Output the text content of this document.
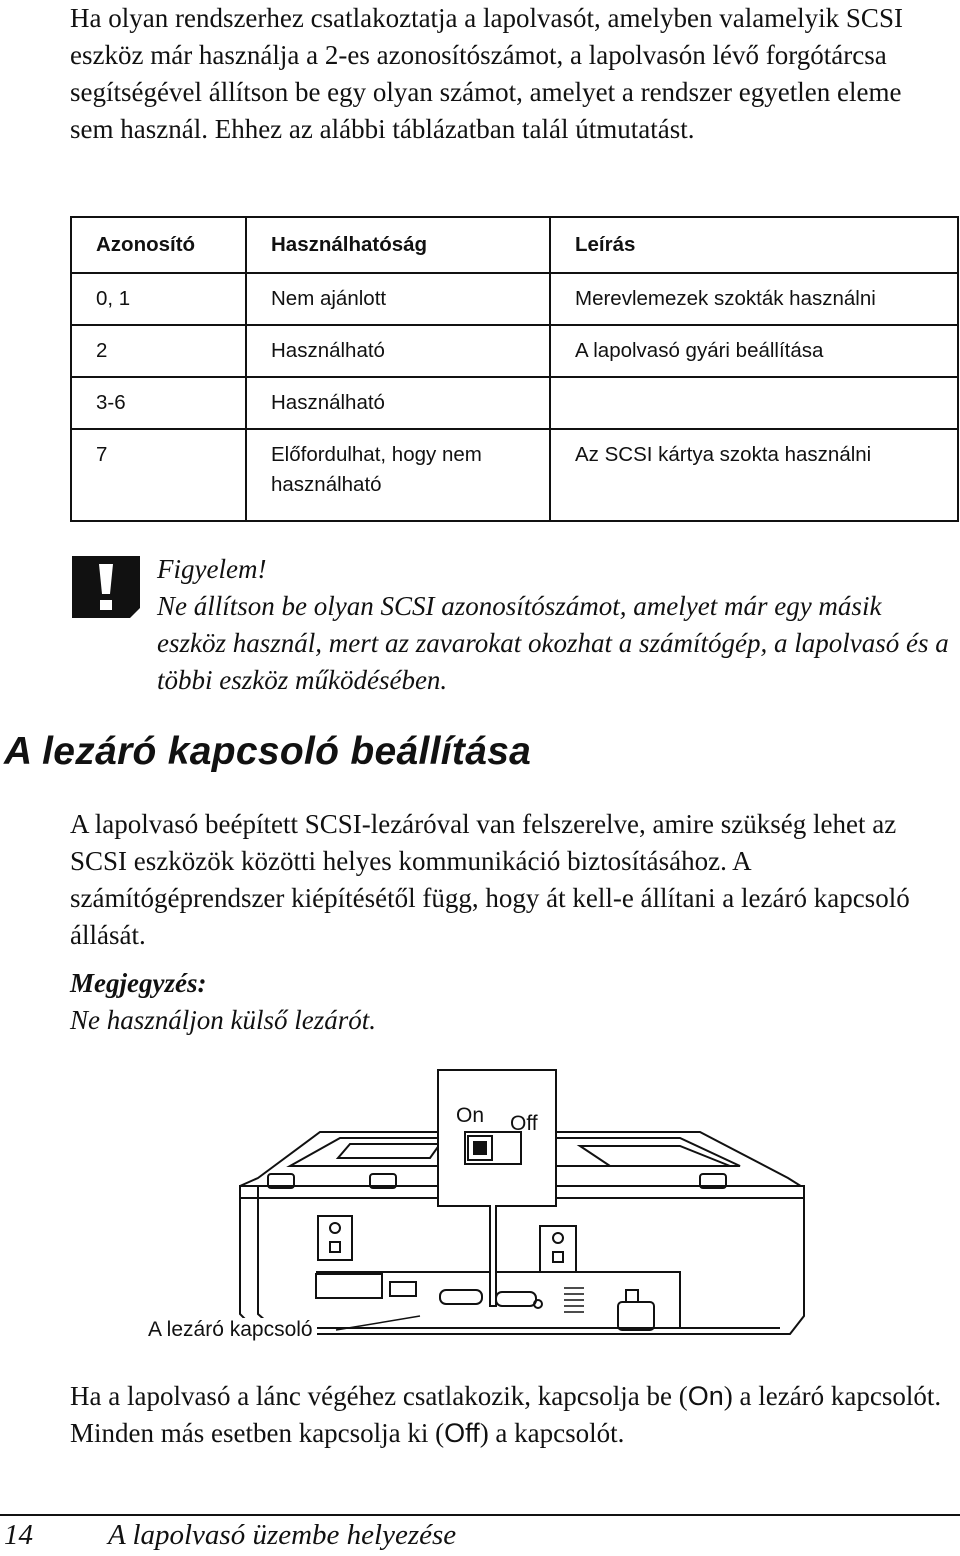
Ha olyan rendszerhez csatlakoztatja a lapolvasót, amelyben valamelyik SCSI eszköz már használja a 2-es azonosítószámot, a lapolvasón lévő forgótárcsa segítségével állítson be egy olyan számot, amelyet a rendszer egyetlen eleme sem használ. Ehhez az alábbi táblázatban talál útmutatást.

Azonosító	Használhatóság	Leírás
0, 1	Nem ajánlott	Merevlemezek szokták használni
2	Használható	A lapolvasó gyári beállítása
3-6	Használható	
7	Előfordulhat, hogy nem használható	Az SCSI kártya szokta használni
Figyelem!
Ne állítson be olyan SCSI azonosítószámot, amelyet már egy másik eszköz használ, mert az zavarokat okozhat a számítógép, a lapolvasó és a többi eszköz működésében.
A lezáró kapcsoló beállítása

A lapolvasó beépített SCSI-lezáróval van felszerelve, amire szükség lehet az SCSI eszközök közötti helyes kommunikáció biztosításához. A számítógéprendszer kiépítésétől függ, hogy át kell-e állítani a lezáró kapcsoló állását.

Megjegyzés:
Ne használjon külső lezárót.
On Off
A lezáró kapcsoló

Ha a lapolvasó a lánc végéhez csatlakozik, kapcsolja be (On) a lezáró kapcsolót. Minden más esetben kapcsolja ki (Off) a kapcsolót.

14	A lapolvasó üzembe helyezése
